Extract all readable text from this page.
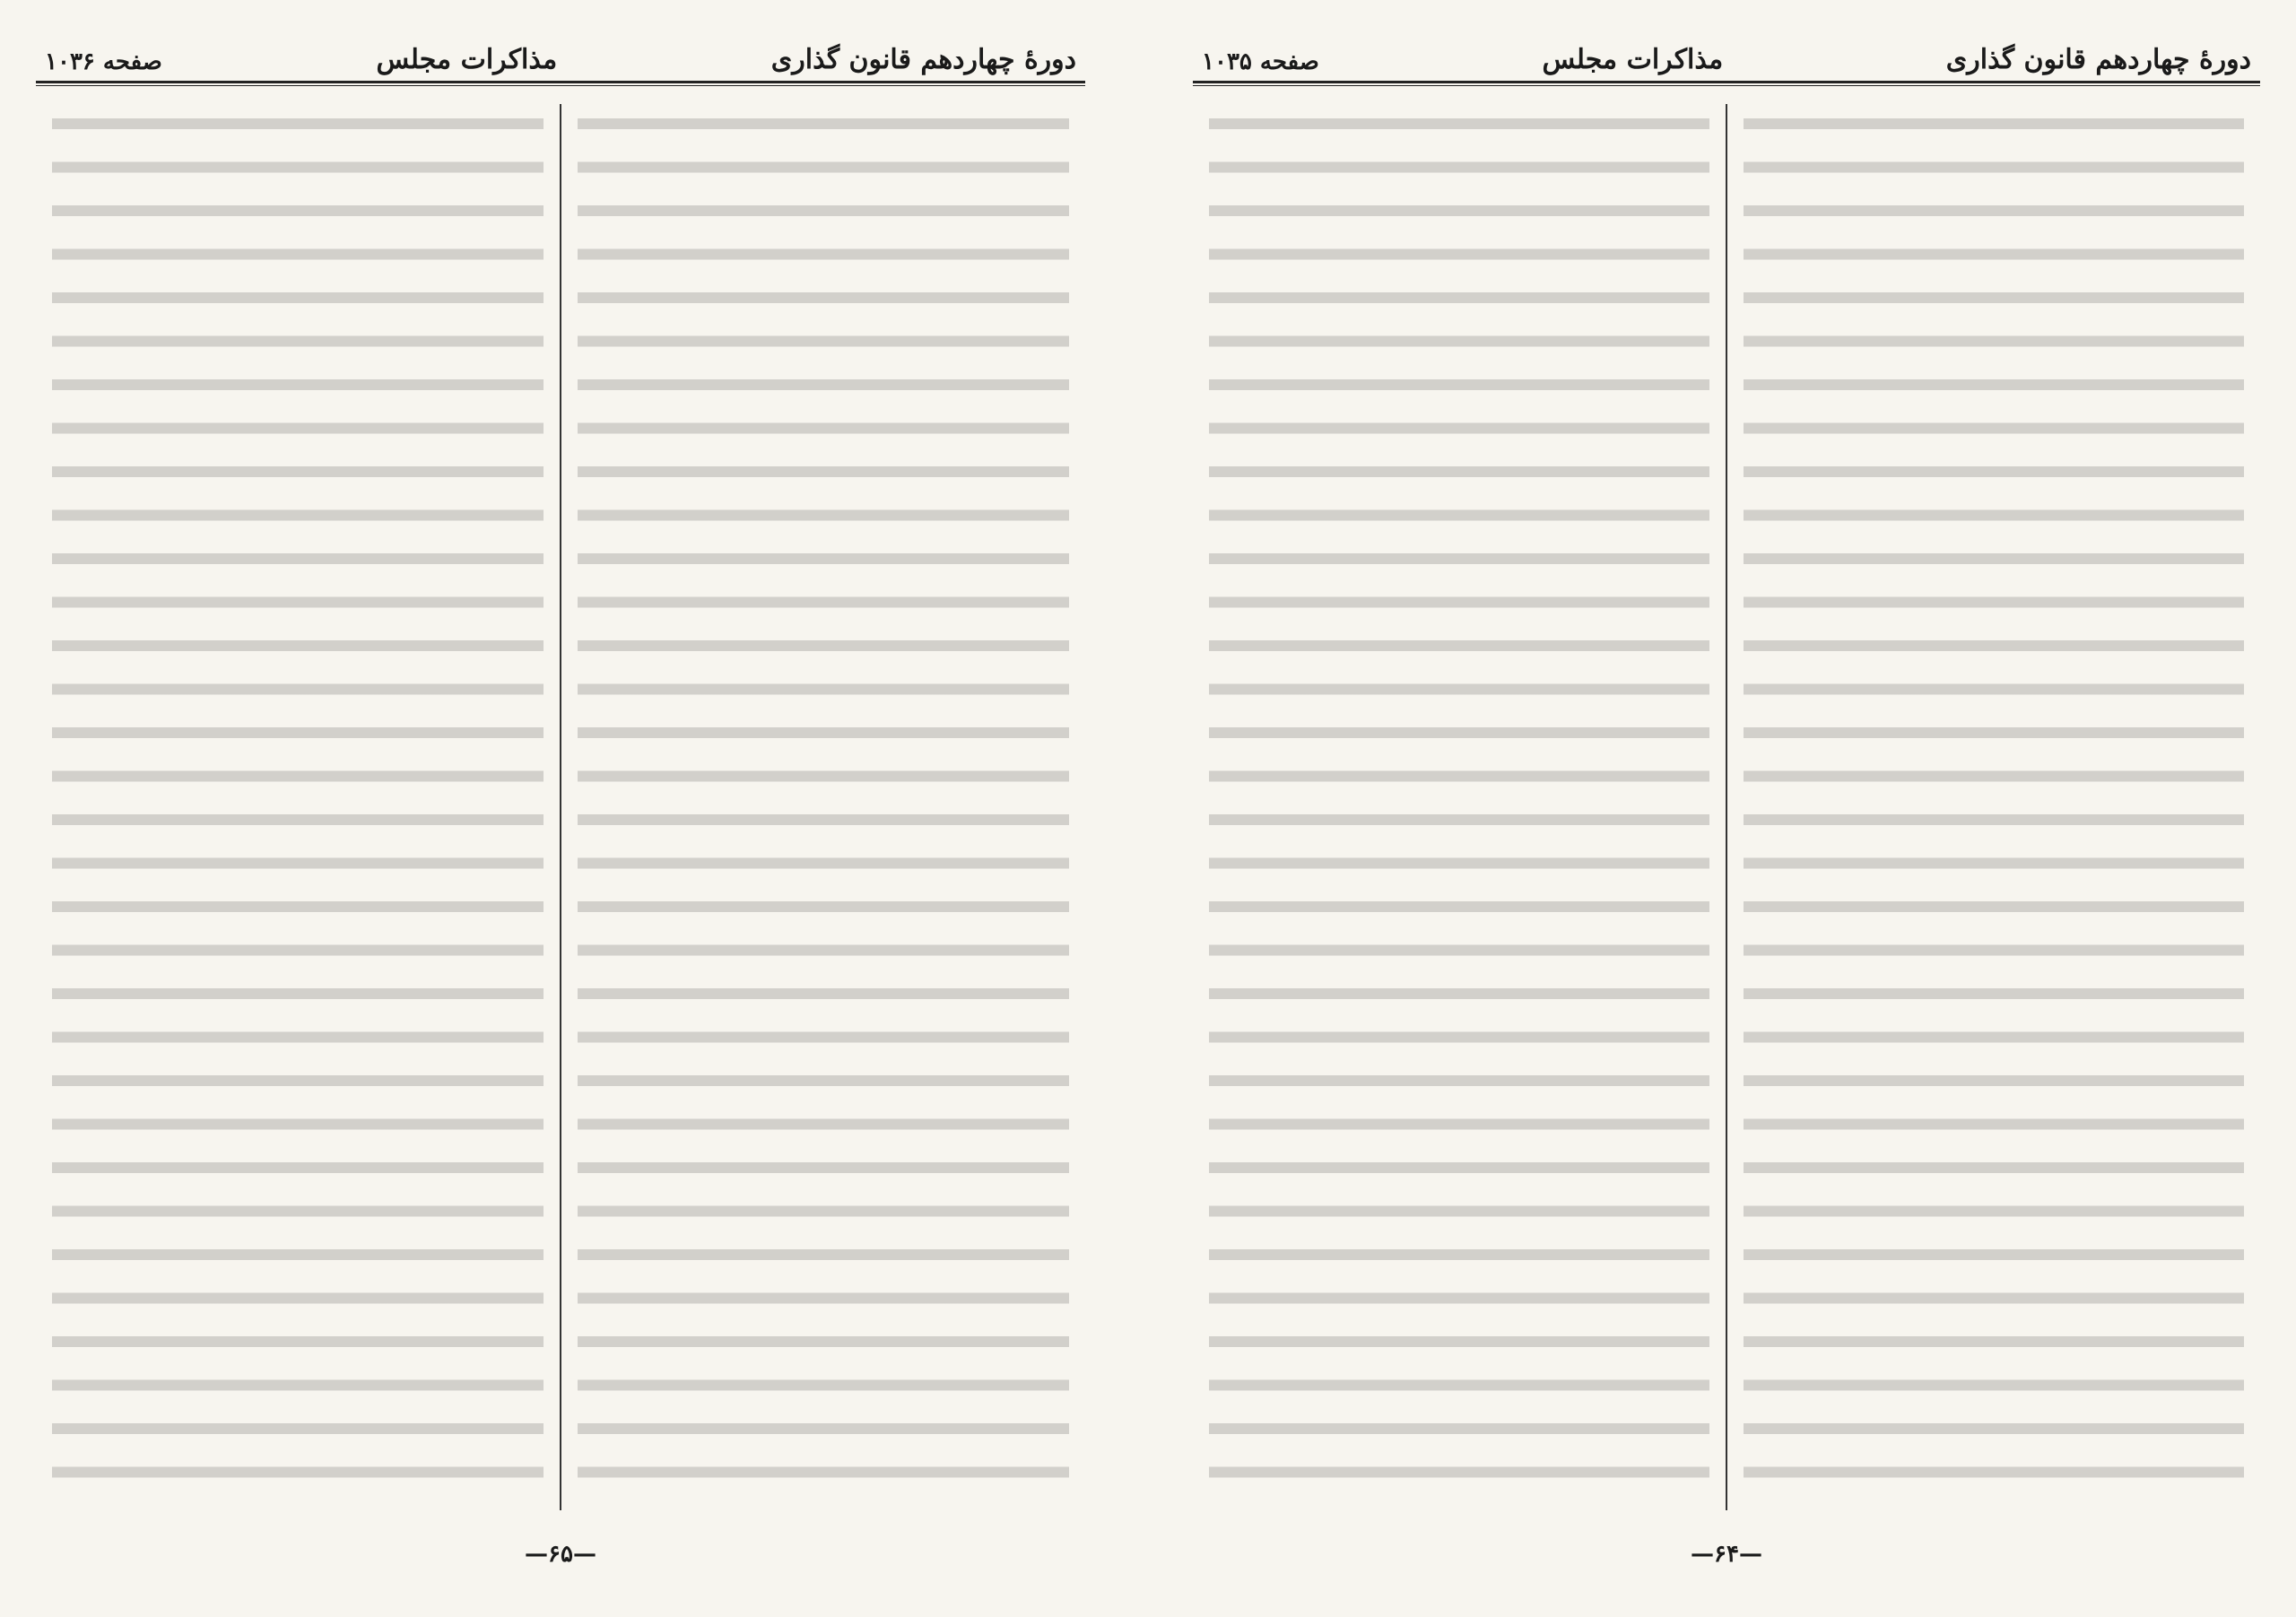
دورهٔ چهاردهم قانون گذاری
مذاکرات مجلس
صفحه ۱۰۳۶
—۶۵—
دورهٔ چهاردهم قانون گذاری
مذاکرات مجلس
صفحه ۱۰۳۵
—۶۴—
